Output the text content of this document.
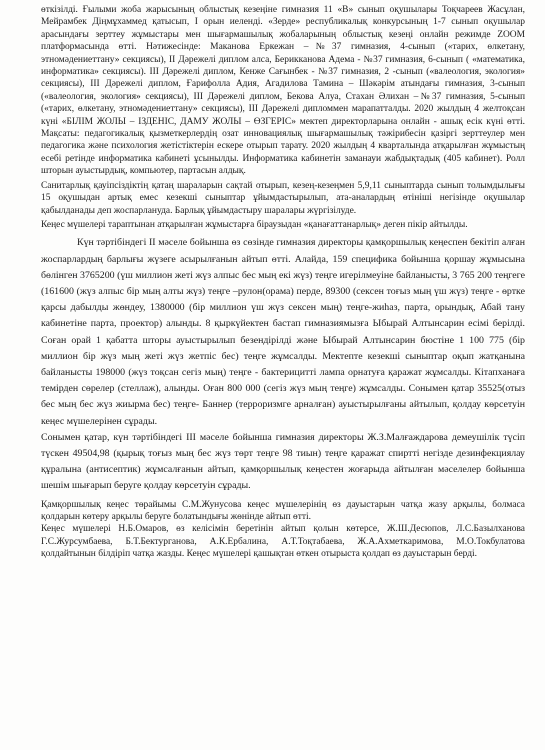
өткізілді. Ғылыми жоба жарысының облыстық кезеңіне гимназия 11 «В» сынып оқушылары Тоқчареев Жасұлан, Мейрамбек Діңмұхаммед қатысып, I орын иеленді. «Зерде» республикалық конкурсының 1-7 сынып оқушылар арасындағы зерттеу жұмыстары мен шығармашылық жобаларының облыстық кезеңі онлайн режимде ZOOM платформасында өтті. Нәтижесінде: Маканова Еркежан –№37 гимназия, 4-сынып («тарих, өлкетану, этномәдениеттану» секциясы), II Дәрежелі диплом алса, Берикканова Адема - №37 гимназия, 6-сынып ( «математика, информатика» секциясы). III Дәрежелі диплом, Кенже Сағынбек - №37 гимназия, 2 -сынып («валеология, экология» секциясы), III Дәрежелі диплом, Ғарифолла Адия, Агадилова Тамина – Шәкәрім атындағы гимназия, 3-сынып («валеология, экология» секциясы), III Дәрежелі диплом, Бекова Алуа, Стахан Әлихан –№37 гимназия, 5-сынып («тарих, өлкетану, этномәдениеттану» секциясы), III Дәрежелі дипломмен марапатталды. 2020 жылдың 4 желтоқсан күні «БІЛІМ ЖОЛЫ – ІЗДЕНІС, ДАМУ ЖОЛЫ – ӨЗГЕРІС» мектеп директорларына онлайн - ашық есік күні өтті. Мақсаты: педагогикалық қызметкерлердің озат инновациялық шығармашылық тәжірибесін қазіргі зерттеулер мен педагогика және психология жетістіктерін ескере отырып тарату. 2020 жылдың 4 кварталында атқарылған жұмыстың есебі ретінде информатика кабинеті ұсынылды. Информатика кабинетін заманауи жабдықтадық (405 кабинет). Ролл шторын ауыстырдық, компьютер, партасын алдық.

Санитарлық қауіпсіздіктің қатаң шараларын сақтай отырып, кезең-кезеңмен 5,9,11 сыныптарда сынып толымдылығы 15 оқушыдан артық емес кезекші сыныптар ұйымдастырылып, ата-аналардың өтініші негізінде оқушылар қабылданады деп жоспарлануда. Барлық ұйымдастыру шаралары жүргізілуде.

Кеңес мүшелері тараптынан атқарылған жұмыстарға біраузыдан «қанағаттанарлық» деген пікір айтылды.

Күн тәртібіндегі II мәселе бойынша өз сөзінде гимназия директоры қамқоршылық кеңеспен бекітіп алған жоспарлардың барлығы жүзеге асырылғанын айтып өтті. Алайда, 159 спецификa бойынша қоршау жұмысына бөлінген 3765200 (үш миллион жеті жүз алпыс бес мың екі жүз) теңге игерілмеуіне байланысты, 3 765 200 теңгеге (161600 (жүз алпыс бір мың алты жүз) теңге –рулон(орама) перде, 89300 (сексен тоғыз мың үш жүз) теңге - өртке қарсы дабылды жөндеу, 1380000 (бір миллион үш жүз сексен мың) теңге-жиһаз, парта, орындық, Абай тану кабинетіне парта, проектор) алынды. 8 қыркүйектен бастап гимназиямызға Ыбырай Алтынсарин есімі берілді. Соған орай 1 қабатта шторы ауыстырылып безендірілді және Ыбырай Алтынсарин бюстіне 1 100 775 (бір миллион бір жүз мың жеті жүз жетпіс бес) теңге жұмсалды. Мектепте кезекші сыныптар оқып жатқанына байланысты 198000 (жүз тоқсан сегіз мың) теңге - бактерицитті лампа орнатуға қаражат жұмсалды. Кітапханаға темірден сөрелер (стеллаж), алынды. Оған 800 000 (сегіз жүз мың теңге) жұмсалды. Сонымен қатар 35525(отыз бес мың бес жүз жиырма бес) теңге- Баннер (терроризмге арналған) ауыстырылғаны айтылып, қолдау көрсетуін кеңес мүшелерінен сұрады.

Сонымен қатар, күн тәртібіндегі III мәселе бойынша гимназия директоры Ж.З.Малғаждарова демеушілік түсіп түскен 49504,98 (қырық тоғыз мың бес жүз төрт теңге 98 тиын) теңге қаражат спиртті негізде дезинфекциялау құралына (антисептик) жұмсалғанын айтып, қамқоршылық кеңестен жоғарыда айтылған мәселелер бойынша шешім шығарып беруге қолдау көрсетуін сұрады.

Қамқоршылық кеңес төрайымы С.М.Жунусова кеңес мүшелерінің өз дауыстарын чатқа жазу арқылы, болмаса қолдарын көтеру арқылы беруге болатындығы жөнінде айтып өтті.

Кеңес мүшелері Н.Б.Омаров, өз келісімін беретінін айтып қолын көтерсе, Ж.Ш.Десюпов, Л.С.Базылханова Г.С.Журсумбаева, Б.Т.Бектурганова, А.К.Ербалина, А.Т.Тоқтабаева, Ж.А.Ахметкаримова, М.О.Токбулатова қолдайтынын білдіріп чатқа жазды. Кеңес мүшелері қашықтан өткен отырыста қолдап өз дауыстарын берді.
